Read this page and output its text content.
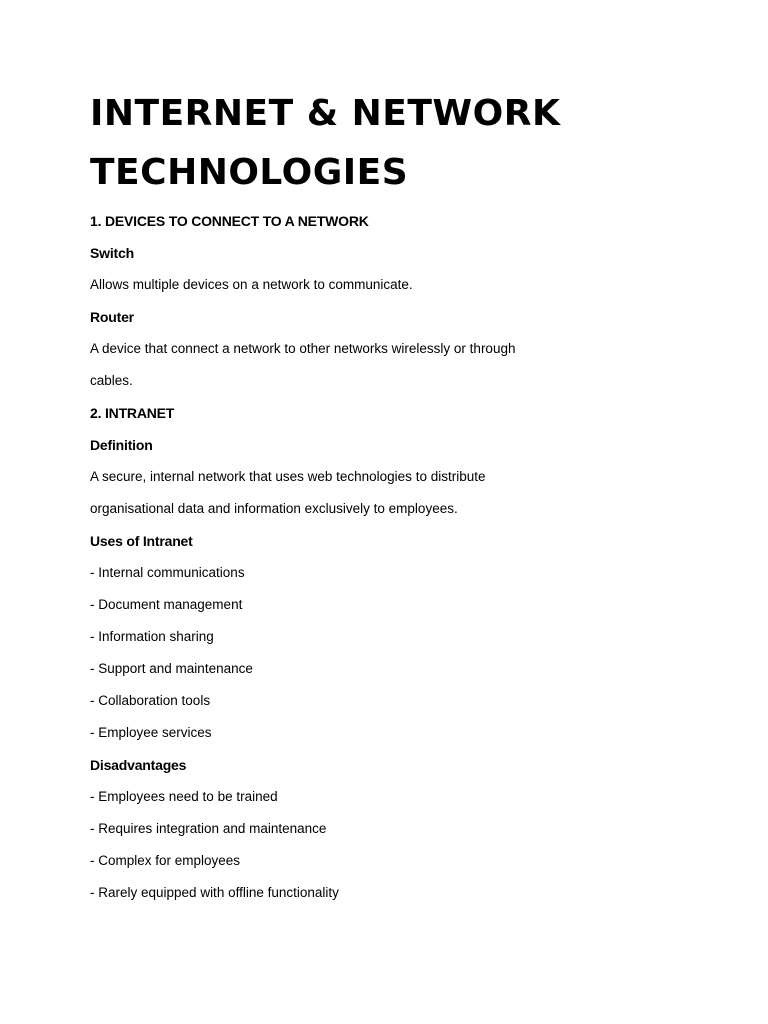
INTERNET & NETWORK
TECHNOLOGIES

1. DEVICES TO CONNECT TO A NETWORK

Switch

Allows multiple devices on a network to communicate.

Router

A device that connect a network to other networks wirelessly or through

cables.

2. INTRANET

Definition

A secure, internal network that uses web technologies to distribute

organisational data and information exclusively to employees.

Uses of Intranet

- Internal communications
- Document management
- Information sharing
- Support and maintenance
- Collaboration tools
- Employee services

Disadvantages

- Employees need to be trained
- Requires integration and maintenance
- Complex for employees
- Rarely equipped with offline functionality
